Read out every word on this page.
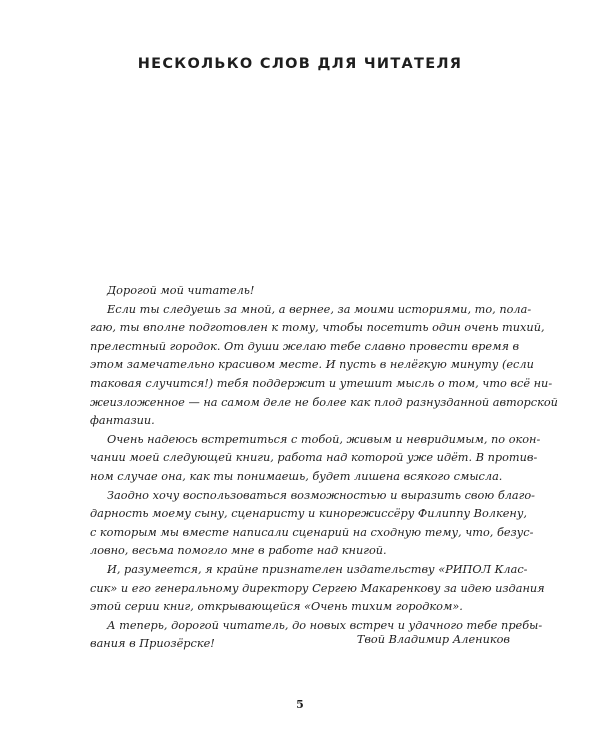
НЕСКОЛЬКО СЛОВ ДЛЯ ЧИТАТЕЛЯ
Дорогой мой читатель!
Если ты следуешь за мной, а вернее, за моими историями, то, пола-
гаю, ты вполне подготовлен к тому, чтобы посетить один очень тихий,
прелестный городок. От души желаю тебе славно провести время в
этом замечательно красивом месте. И пусть в нелёгкую минуту (если
таковая случится!) тебя поддержит и утешит мысль о том, что всё ни-
жеизложенное — на самом деле не более как плод разнузданной авторской
фантазии.
Очень надеюсь встретиться с тобой, живым и невридимым, по окон-
чании моей следующей книги, работа над которой уже идёт. В против-
ном случае она, как ты понимаешь, будет лишена всякого смысла.
Заодно хочу воспользоваться возможностью и выразить свою благо-
дарность моему сыну, сценаристу и кинорежиссёру Филиппу Волкену,
с которым мы вместе написали сценарий на сходную тему, что, безус-
ловно, весьма помогло мне в работе над книгой.
И, разумеется, я крайне признателен издательству «РИПОЛ Клас-
сик» и его генеральному директору Сергею Макаренкову за идею издания
этой серии книг, открывающейся «Очень тихим городком».
А теперь, дорогой читатель, до новых встреч и удачного тебе пребы-
вания в Приозёрске!	Твой Владимир Алеников
5
